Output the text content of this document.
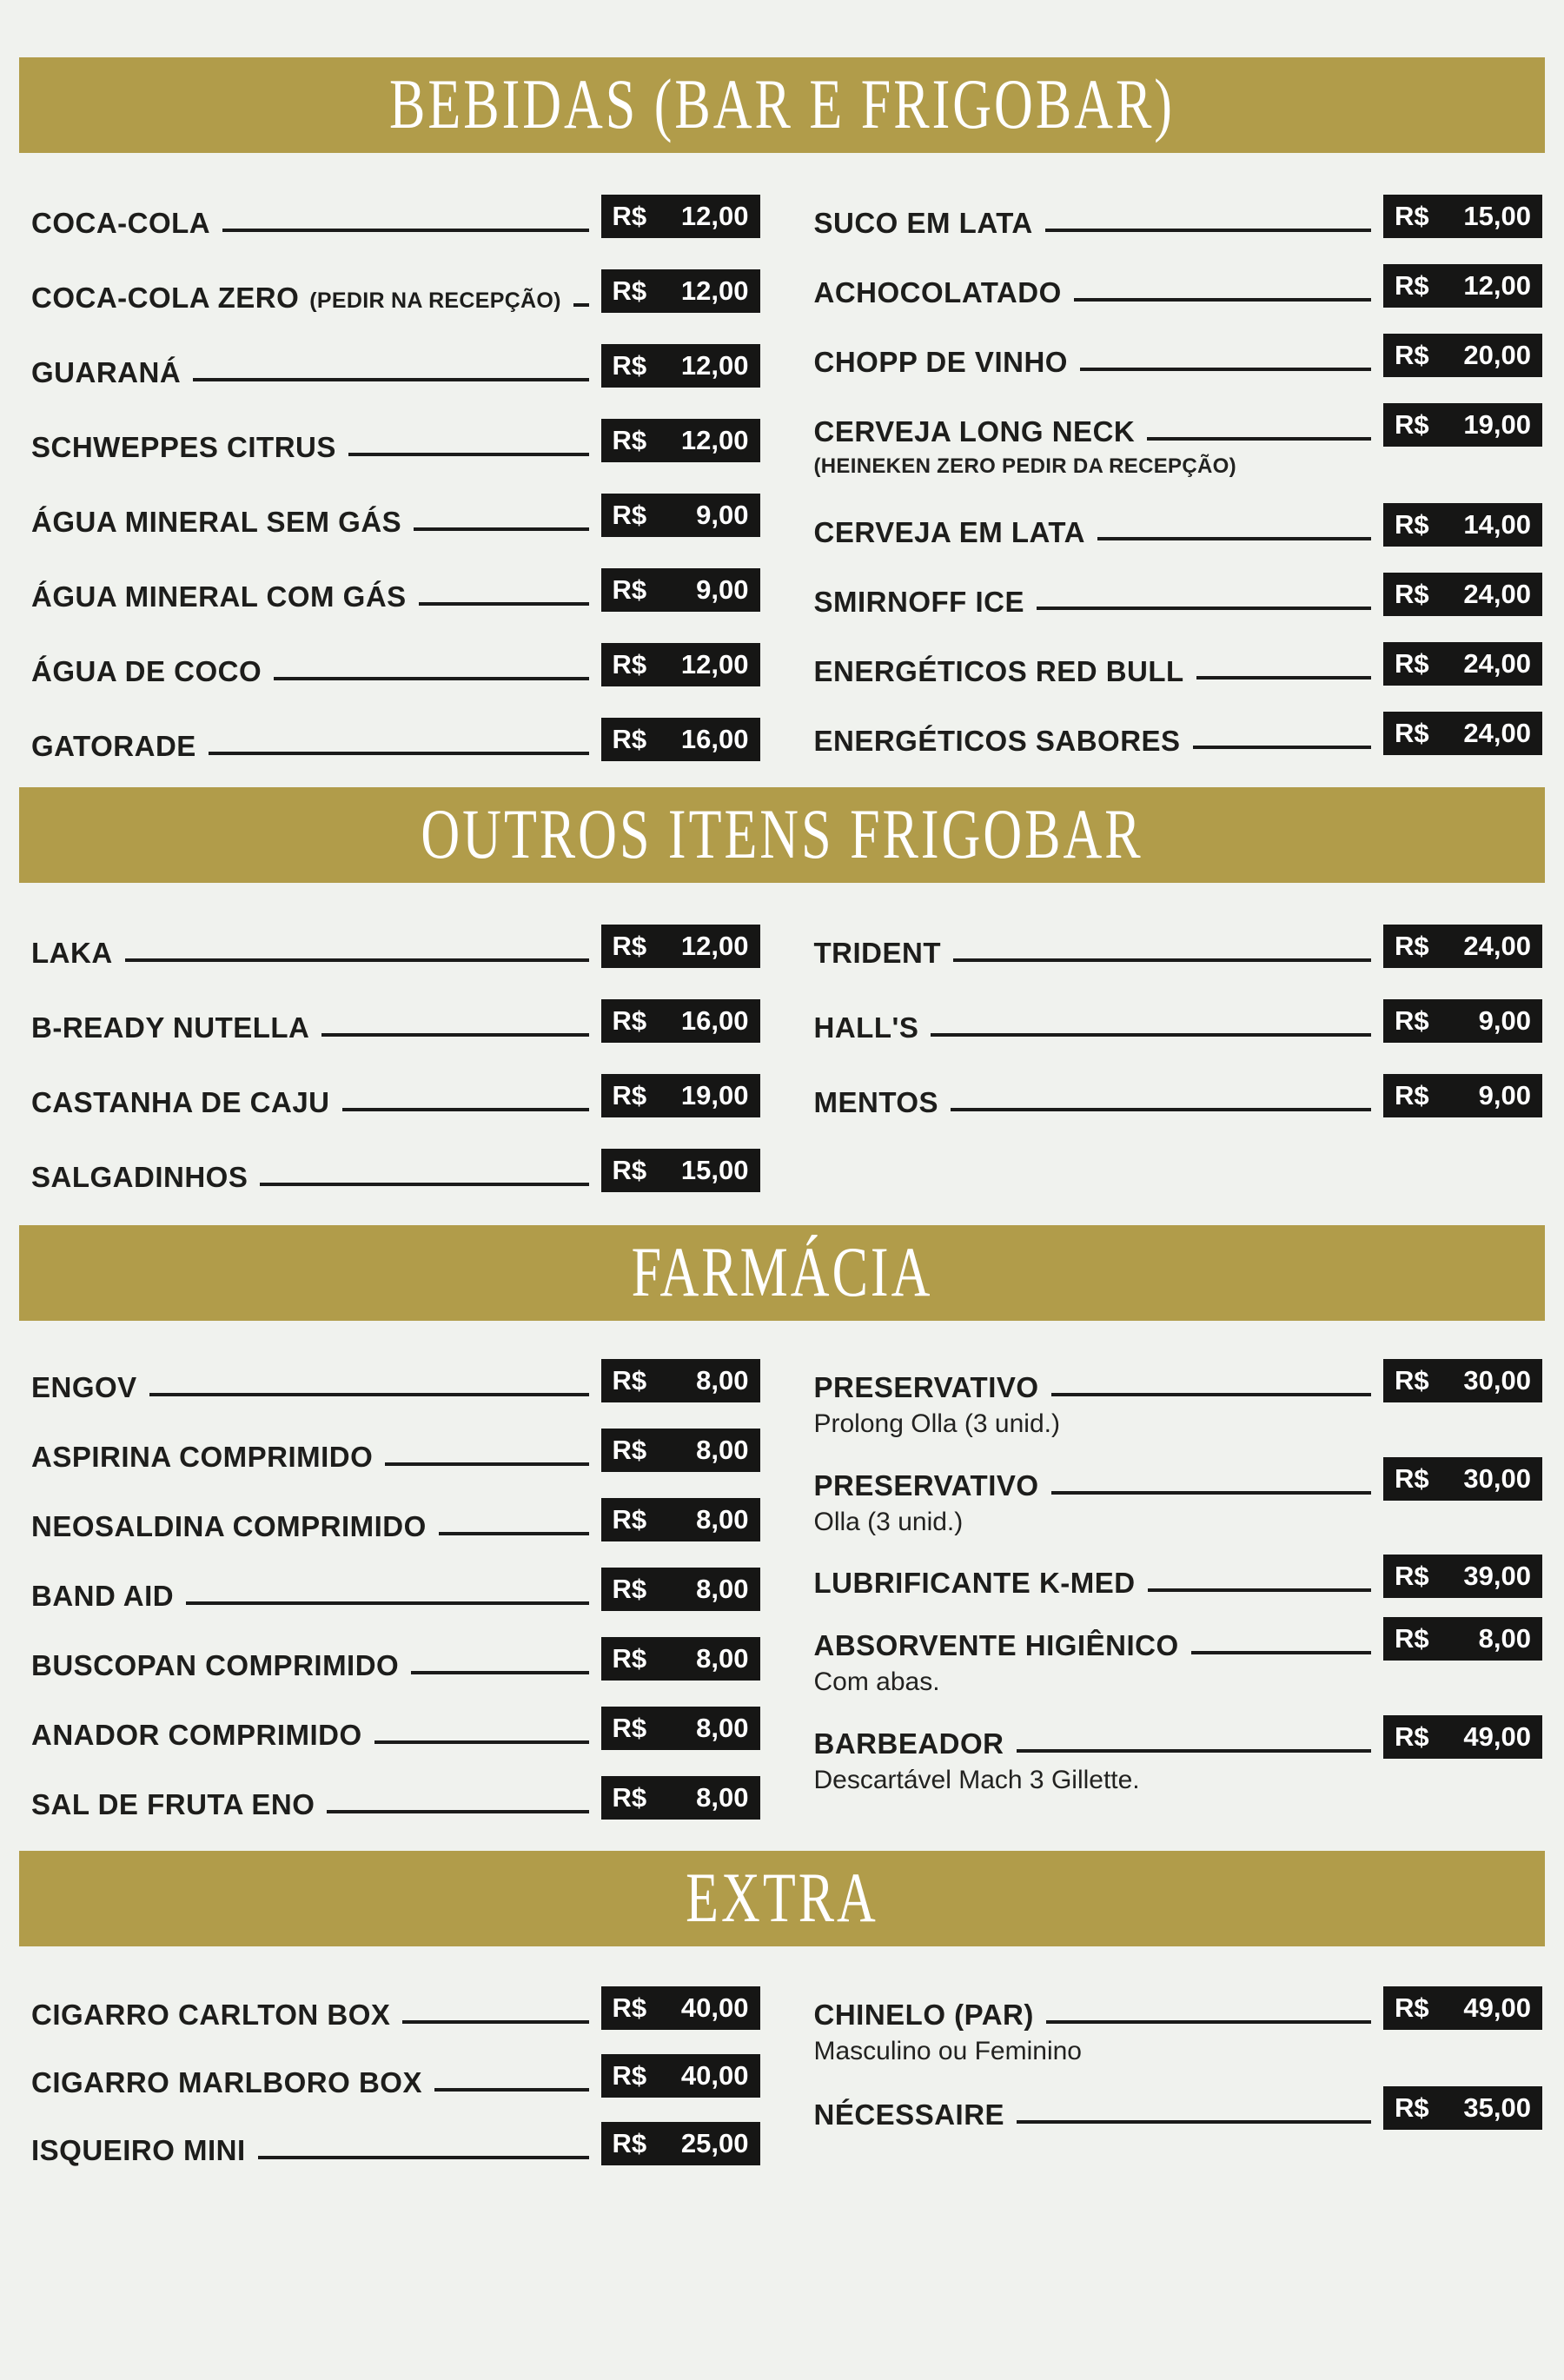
BEBIDAS (BAR E FRIGOBAR)
COCA-COLA	R$ 12,00
COCA-COLA ZERO (PEDIR NA RECEPÇÃO) R$ 12,00
GUARANÁ	R$ 12,00
SCHWEPPES CITRUS	R$ 12,00
ÁGUA MINERAL SEM GÁS	R$ 9,00
ÁGUA MINERAL COM GÁS	R$ 9,00
ÁGUA DE COCO	R$ 12,00
GATORADE	R$ 16,00
SUCO EM LATA	R$ 15,00
ACHOCOLATADO	R$ 12,00
CHOPP DE VINHO	R$ 20,00
CERVEJA LONG NECK	R$ 19,00
(HEINEKEN ZERO PEDIR DA RECEPÇÃO)
CERVEJA EM LATA	R$ 14,00
SMIRNOFF ICE	R$ 24,00
ENERGÉTICOS RED BULL	R$ 24,00
ENERGÉTICOS SABORES	R$ 24,00
OUTROS ITENS FRIGOBAR
LAKA	R$ 12,00
B-READY NUTELLA	R$ 16,00
CASTANHA DE CAJU	R$ 19,00
SALGADINHOS	R$ 15,00
TRIDENT	R$ 24,00
HALL'S	R$ 9,00
MENTOS	R$ 9,00
FARMÁCIA
ENGOV	R$ 8,00
ASPIRINA COMPRIMIDO	R$ 8,00
NEOSALDINA COMPRIMIDO	R$ 8,00
BAND AID	R$ 8,00
BUSCOPAN COMPRIMIDO	R$ 8,00
ANADOR COMPRIMIDO	R$ 8,00
SAL DE FRUTA ENO	R$ 8,00
PRESERVATIVO	R$ 30,00
Prolong Olla (3 unid.)
PRESERVATIVO	R$ 30,00
Olla (3 unid.)
LUBRIFICANTE K-MED	R$ 39,00
ABSORVENTE HIGIÊNICO	R$ 8,00
Com abas.
BARBEADOR	R$ 49,00
Descartável Mach 3 Gillette.
EXTRA
CIGARRO CARLTON BOX	R$ 40,00
CIGARRO MARLBORO BOX	R$ 40,00
ISQUEIRO MINI	R$ 25,00
CHINELO (PAR)	R$ 49,00
Masculino ou Feminino
NÉCESSAIRE	R$ 35,00
